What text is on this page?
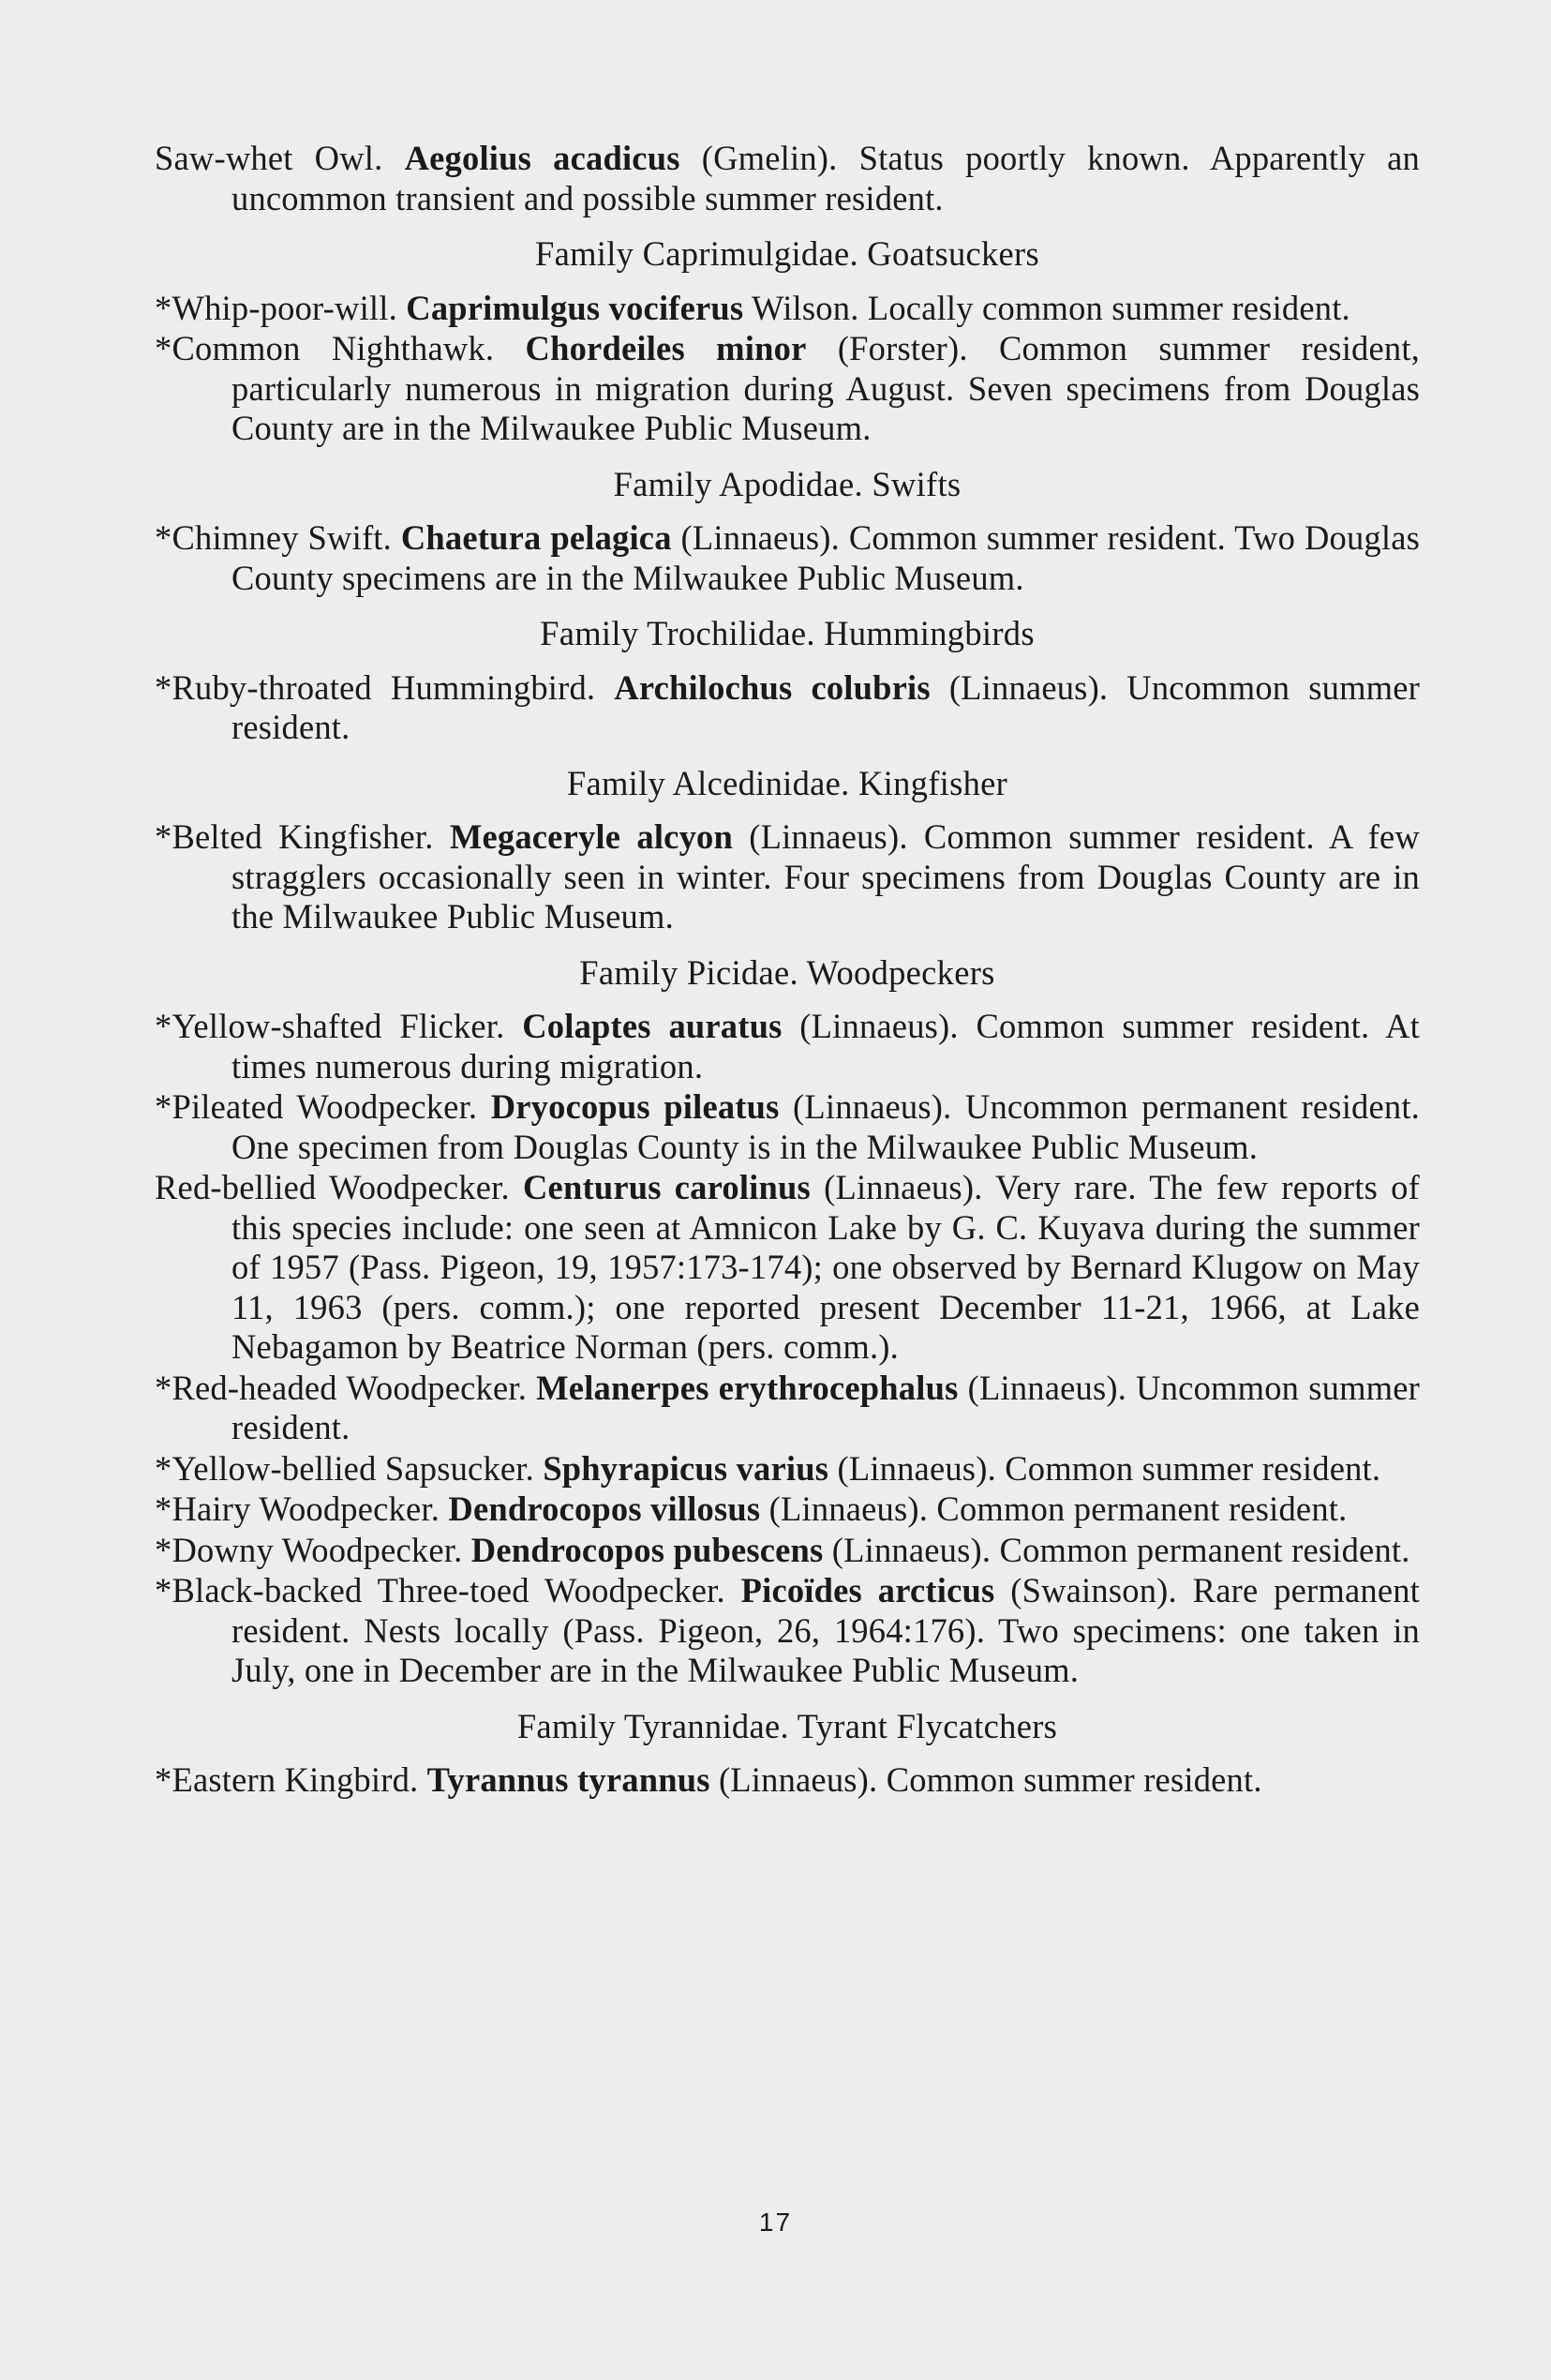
Saw-whet Owl. Aegolius acadicus (Gmelin). Status poortly known. Apparently an uncommon transient and possible summer resident.
Family Caprimulgidae. Goatsuckers
*Whip-poor-will. Caprimulgus vociferus Wilson. Locally common summer resident.
*Common Nighthawk. Chordeiles minor (Forster). Common summer resident, particularly numerous in migration during August. Seven specimens from Douglas County are in the Milwaukee Public Museum.
Family Apodidae. Swifts
*Chimney Swift. Chaetura pelagica (Linnaeus). Common summer resident. Two Douglas County specimens are in the Milwaukee Public Museum.
Family Trochilidae. Hummingbirds
*Ruby-throated Hummingbird. Archilochus colubris (Linnaeus). Uncommon summer resident.
Family Alcedinidae. Kingfisher
*Belted Kingfisher. Megaceryle alcyon (Linnaeus). Common summer resident. A few stragglers occasionally seen in winter. Four specimens from Douglas County are in the Milwaukee Public Museum.
Family Picidae. Woodpeckers
*Yellow-shafted Flicker. Colaptes auratus (Linnaeus). Common summer resident. At times numerous during migration.
*Pileated Woodpecker. Dryocopus pileatus (Linnaeus). Uncommon permanent resident. One specimen from Douglas County is in the Milwaukee Public Museum.
Red-bellied Woodpecker. Centurus carolinus (Linnaeus). Very rare. The few reports of this species include: one seen at Amnicon Lake by G. C. Kuyava during the summer of 1957 (Pass. Pigeon, 19, 1957:173-174); one observed by Bernard Klugow on May 11, 1963 (pers. comm.); one reported present December 11-21, 1966, at Lake Nebagamon by Beatrice Norman (pers. comm.).
*Red-headed Woodpecker. Melanerpes erythrocephalus (Linnaeus). Uncommon summer resident.
*Yellow-bellied Sapsucker. Sphyrapicus varius (Linnaeus). Common summer resident.
*Hairy Woodpecker. Dendrocopos villosus (Linnaeus). Common permanent resident.
*Downy Woodpecker. Dendrocopos pubescens (Linnaeus). Common permanent resident.
*Black-backed Three-toed Woodpecker. Picoïdes arcticus (Swainson). Rare permanent resident. Nests locally (Pass. Pigeon, 26, 1964:176). Two specimens: one taken in July, one in December are in the Milwaukee Public Museum.
Family Tyrannidae. Tyrant Flycatchers
*Eastern Kingbird. Tyrannus tyrannus (Linnaeus). Common summer resident.
17
